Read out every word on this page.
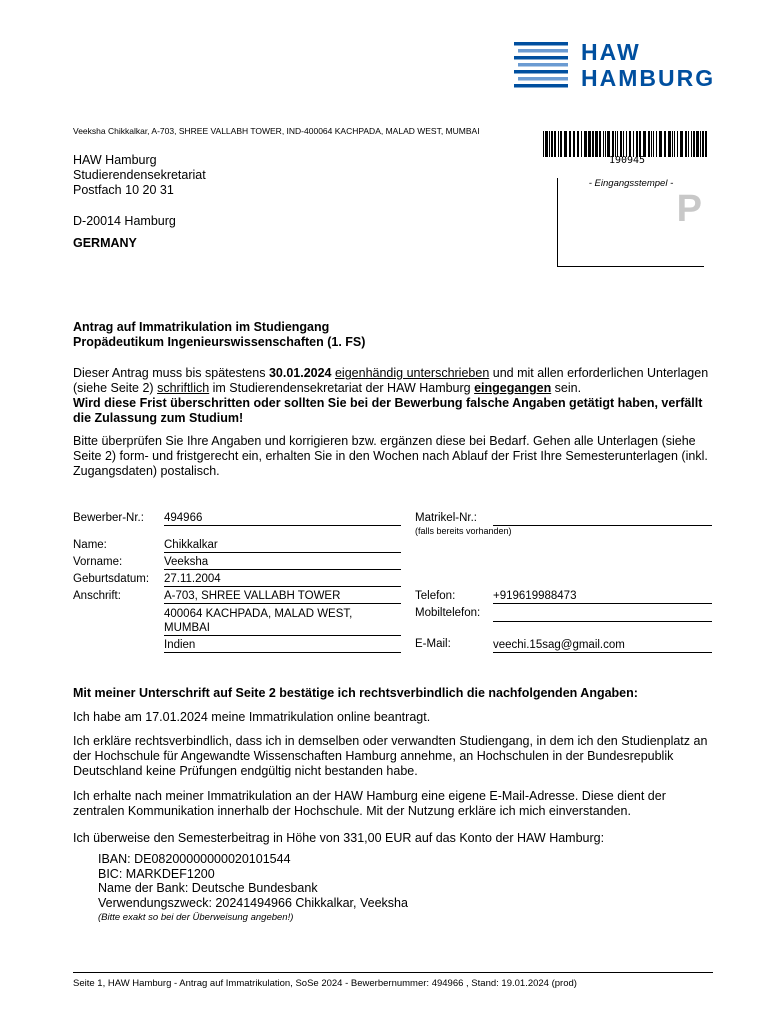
HAW
HAMBURG
Veeksha Chikkalkar, A-703, SHREE VALLABH TOWER, IND-400064 KACHPADA, MALAD WEST, MUMBAI
190945
HAW Hamburg
Studierendensekretariat
Postfach 10 20 31
D-20014 Hamburg
GERMANY
- Eingangsstempel -
P
Antrag auf Immatrikulation im Studiengang
Propädeutikum Ingenieurswissenschaften (1. FS)
Dieser Antrag muss bis spätestens 30.01.2024 eigenhändig unterschrieben und mit allen erforderlichen Unterlagen (siehe Seite 2) schriftlich im Studierendensekretariat der HAW Hamburg eingegangen sein.
Wird diese Frist überschritten oder sollten Sie bei der Bewerbung falsche Angaben getätigt haben, verfällt die Zulassung zum Studium!
Bitte überprüfen Sie Ihre Angaben und korrigieren bzw. ergänzen diese bei Bedarf. Gehen alle Unterlagen (siehe Seite 2) form- und fristgerecht ein, erhalten Sie in den Wochen nach Ablauf der Frist Ihre Semesterunterlagen (inkl. Zugangsdaten) postalisch.
Bewerber-Nr.: 494966	Matrikel-Nr.:
(falls bereits vorhanden)
Name:	Chikkalkar
Vorname:	Veeksha
Geburtsdatum: 27.11.2004
Anschrift:	A-703, SHREE VALLABH TOWER
400064 KACHPADA, MALAD WEST, MUMBAI
Indien
Telefon:	+919619988473
Mobiltelefon:
E-Mail:	veechi.15sag@gmail.com
Mit meiner Unterschrift auf Seite 2 bestätige ich rechtsverbindlich die nachfolgenden Angaben:
Ich habe am 17.01.2024 meine Immatrikulation online beantragt.
Ich erkläre rechtsverbindlich, dass ich in demselben oder verwandten Studiengang, in dem ich den Studienplatz an der Hochschule für Angewandte Wissenschaften Hamburg annehme, an Hochschulen in der Bundesrepublik Deutschland keine Prüfungen endgültig nicht bestanden habe.
Ich erhalte nach meiner Immatrikulation an der HAW Hamburg eine eigene E-Mail-Adresse. Diese dient der zentralen Kommunikation innerhalb der Hochschule. Mit der Nutzung erkläre ich mich einverstanden.
Ich überweise den Semesterbeitrag in Höhe von 331,00 EUR auf das Konto der HAW Hamburg:
IBAN: DE08200000000020101544
BIC: MARKDEF1200
Name der Bank: Deutsche Bundesbank
Verwendungszweck: 20241494966 Chikkalkar, Veeksha
(Bitte exakt so bei der Überweisung angeben!)
Seite 1, HAW Hamburg - Antrag auf Immatrikulation, SoSe 2024 - Bewerbernummer: 494966 , Stand: 19.01.2024 (prod)
